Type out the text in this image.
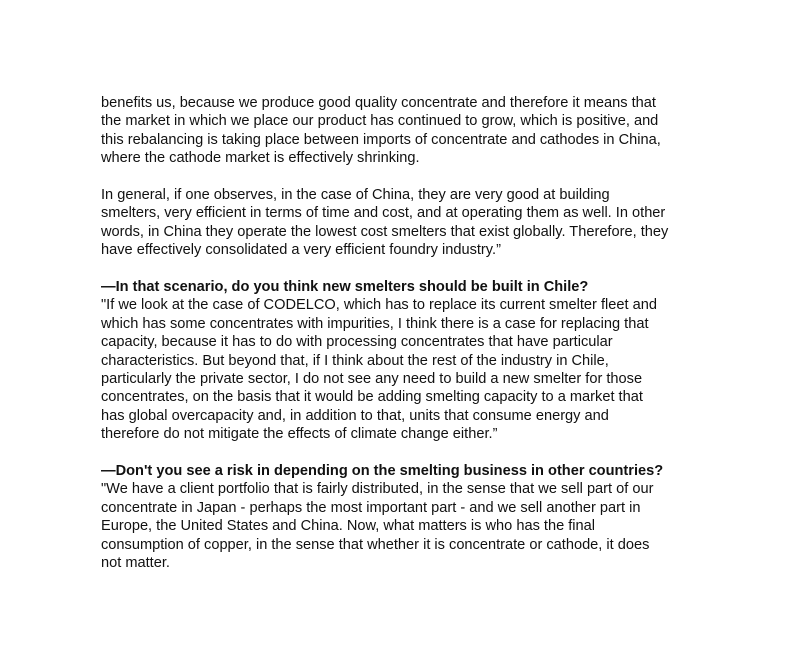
benefits us, because we produce good quality concentrate and therefore it means that
the market in which we place our product has continued to grow, which is positive, and
this rebalancing is taking place between imports of concentrate and cathodes in China,
where the cathode market is effectively shrinking.

In general, if one observes, in the case of China, they are very good at building
smelters, very efficient in terms of time and cost, and at operating them as well. In other
words, in China they operate the lowest cost smelters that exist globally. Therefore, they
have effectively consolidated a very efficient foundry industry.”

—In that scenario, do you think new smelters should be built in Chile?

"If we look at the case of CODELCO, which has to replace its current smelter fleet and
which has some concentrates with impurities, I think there is a case for replacing that
capacity, because it has to do with processing concentrates that have particular
characteristics. But beyond that, if I think about the rest of the industry in Chile,
particularly the private sector, I do not see any need to build a new smelter for those
concentrates, on the basis that it would be adding smelting capacity to a market that
has global overcapacity and, in addition to that, units that consume energy and
therefore do not mitigate the effects of climate change either.”

—Don't you see a risk in depending on the smelting business in other countries?

"We have a client portfolio that is fairly distributed, in the sense that we sell part of our
concentrate in Japan - perhaps the most important part - and we sell another part in
Europe, the United States and China. Now, what matters is who has the final
consumption of copper, in the sense that whether it is concentrate or cathode, it does
not matter.
